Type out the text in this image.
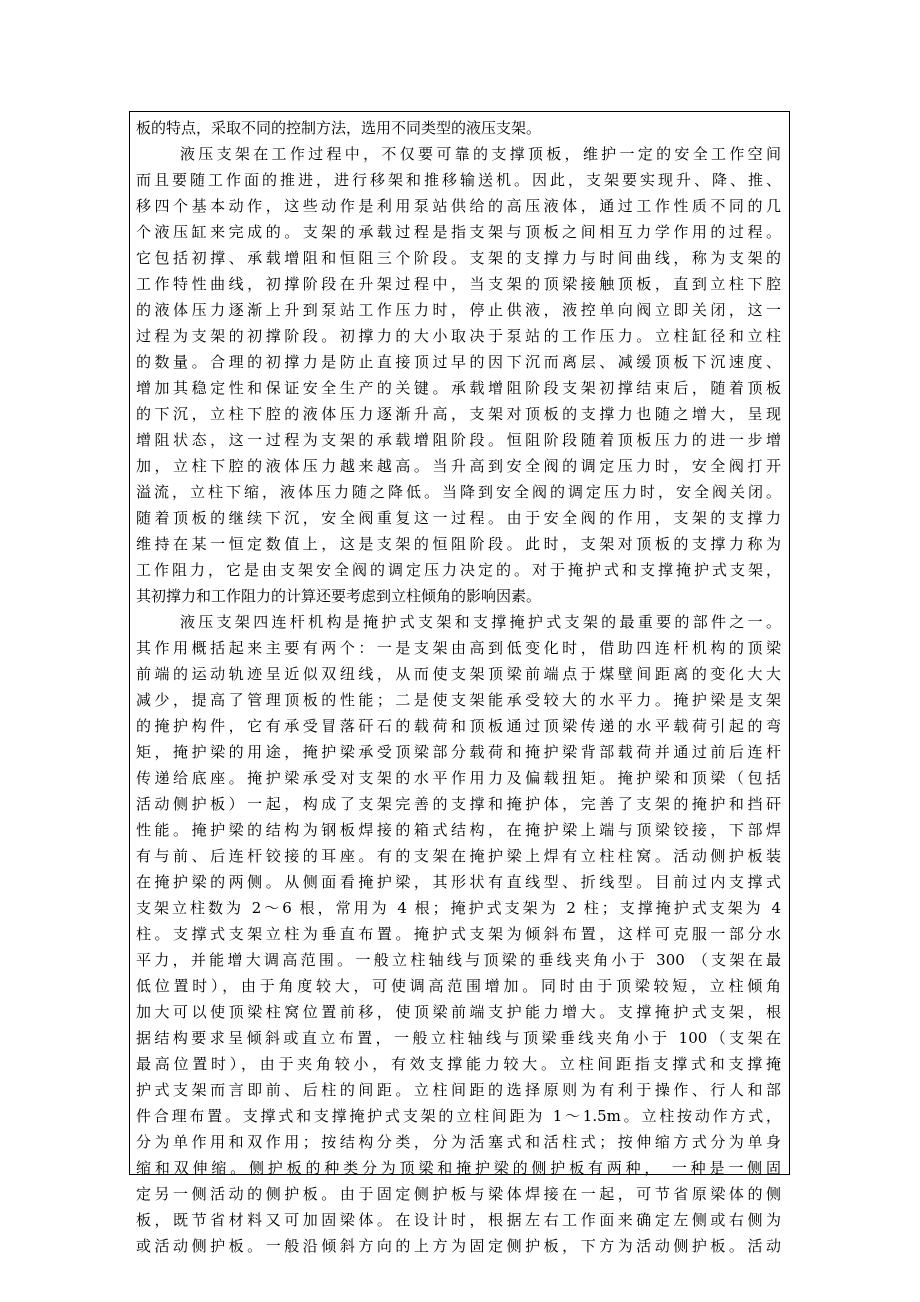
板的特点，采取不同的控制方法，选用不同类型的液压支架。
液压支架在工作过程中，不仅要可靠的支撑顶板，维护一定的安全工作空间
而且要随工作面的推进，进行移架和推移输送机。因此，支架要实现升、降、推、
移四个基本动作，这些动作是利用泵站供给的高压液体，通过工作性质不同的几
个液压缸来完成的。支架的承载过程是指支架与顶板之间相互力学作用的过程。
它包括初撑、承载增阻和恒阻三个阶段。支架的支撑力与时间曲线，称为支架的
工作特性曲线，初撑阶段在升架过程中，当支架的顶梁接触顶板，直到立柱下腔
的液体压力逐渐上升到泵站工作压力时，停止供液，液控单向阀立即关闭，这一
过程为支架的初撑阶段。初撑力的大小取决于泵站的工作压力。立柱缸径和立柱
的数量。合理的初撑力是防止直接顶过早的因下沉而离层、减缓顶板下沉速度、
增加其稳定性和保证安全生产的关键。承载增阻阶段支架初撑结束后，随着顶板
的下沉，立柱下腔的液体压力逐渐升高，支架对顶板的支撑力也随之增大，呈现
增阻状态，这一过程为支架的承载增阻阶段。恒阻阶段随着顶板压力的进一步增
加，立柱下腔的液体压力越来越高。当升高到安全阀的调定压力时，安全阀打开
溢流，立柱下缩，液体压力随之降低。当降到安全阀的调定压力时，安全阀关闭。
随着顶板的继续下沉，安全阀重复这一过程。由于安全阀的作用，支架的支撑力
维持在某一恒定数值上，这是支架的恒阻阶段。此时，支架对顶板的支撑力称为
工作阻力，它是由支架安全阀的调定压力决定的。对于掩护式和支撑掩护式支架，
其初撑力和工作阻力的计算还要考虑到立柱倾角的影响因素。
液压支架四连杆机构是掩护式支架和支撑掩护式支架的最重要的部件之一。
其作用概括起来主要有两个：一是支架由高到低变化时，借助四连杆机构的顶梁
前端的运动轨迹呈近似双纽线，从而使支架顶梁前端点于煤壁间距离的变化大大
减少，提高了管理顶板的性能；二是使支架能承受较大的水平力。掩护梁是支架
的掩护构件，它有承受冒落矸石的载荷和顶板通过顶梁传递的水平载荷引起的弯
矩，掩护梁的用途，掩护梁承受顶梁部分载荷和掩护梁背部载荷并通过前后连杆
传递给底座。掩护梁承受对支架的水平作用力及偏载扭矩。掩护梁和顶梁（包括
活动侧护板）一起，构成了支架完善的支撑和掩护体，完善了支架的掩护和挡矸
性能。掩护梁的结构为钢板焊接的箱式结构，在掩护梁上端与顶梁铰接，下部焊
有与前、后连杆铰接的耳座。有的支架在掩护梁上焊有立柱柱窝。活动侧护板装
在掩护梁的两侧。从侧面看掩护梁，其形状有直线型、折线型。目前过内支撑式
支架立柱数为 2～6 根，常用为 4 根；掩护式支架为 2 柱；支撑掩护式支架为 4
柱。支撑式支架立柱为垂直布置。掩护式支架为倾斜布置，这样可克服一部分水
平力，并能增大调高范围。一般立柱轴线与顶梁的垂线夹角小于 300 （支架在最
低位置时），由于角度较大，可使调高范围增加。同时由于顶梁较短，立柱倾角
加大可以使顶梁柱窝位置前移，使顶梁前端支护能力增大。支撑掩护式支架，根
据结构要求呈倾斜或直立布置，一般立柱轴线与顶梁垂线夹角小于 100（支架在
最高位置时），由于夹角较小，有效支撑能力较大。立柱间距指支撑式和支撑掩
护式支架而言即前、后柱的间距。立柱间距的选择原则为有利于操作、行人和部
件合理布置。支撑式和支撑掩护式支架的立柱间距为 1～1.5m。立柱按动作方式，
分为单作用和双作用；按结构分类，分为活塞式和活柱式；按伸缩方式分为单身
缩和双伸缩。侧护板的种类分为顶梁和掩护梁的侧护板有两种， 一种是一侧固
定另一侧活动的侧护板。由于固定侧护板与梁体焊接在一起，可节省原梁体的侧
板，既节省材料又可加固梁体。在设计时，根据左右工作面来确定左侧或右侧为
或活动侧护板。一般沿倾斜方向的上方为固定侧护板，下方为活动侧护板。活动
